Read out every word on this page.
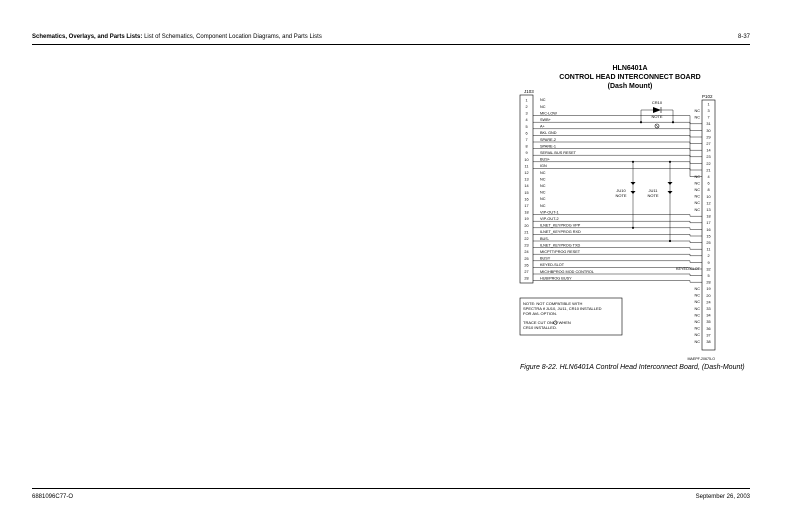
Schematics, Overlays, and Parts Lists: List of Schematics, Component Location Diagrams, and Parts Lists	8-37
HLN6401A
CONTROL HEAD INTERCONNECT BOARD
(Dash Mount)
J103
P102
1	NC
2	NC
3	MIC-LOW
4	SWB+
5	A+
6	BKL GND
7	SPARE-2
8	SPARE-1
9	SERIAL BUS RESET
10	BUS+
11	IGN
12	NC
13	NC
14	NC
15	NC
16	NC
17	NC
18	VIP-OUT-1
19	VIP-OUT-2
20	ILNET_KEYPROG VPP
21	ILNET_KEYPROG RXD
22	BUS-
23	ILNET_KEYPROG TXD
24	MICPTT/PROG RESET
25	BUSY
26	KEYED-SLOT
27	MIC/HBPROG MOD CONTROL
28	HUB/PROG BUSY
1
3
NC
7
NC
31
30
29
27
14
23
22
21
4
NC
6
NC
8
NC
10
NC
12
NC
13
NC
18
17
16
15
25
11
2
9
32
KEYED-SLOT
5
28
19
NC
20
NC
24
NC
33
NC
34
NC
35
NC
36
NC
37
NC
38
NC
CR10
NOTE
JU10
NOTE
JU11
NOTE
NOTE: NOT COMPATIBLE WITH
SPECTRA if JU10, JU11, CR10 INSTALLED
FOR AVL OPTION.
TRACE CUT ONLY WHEN
CR10 INSTALLED.
MAEPF-20675-O
Figure 8-22. HLN6401A Control Head Interconnect Board, (Dash-Mount)
6881096C77-O	September 26, 2003
